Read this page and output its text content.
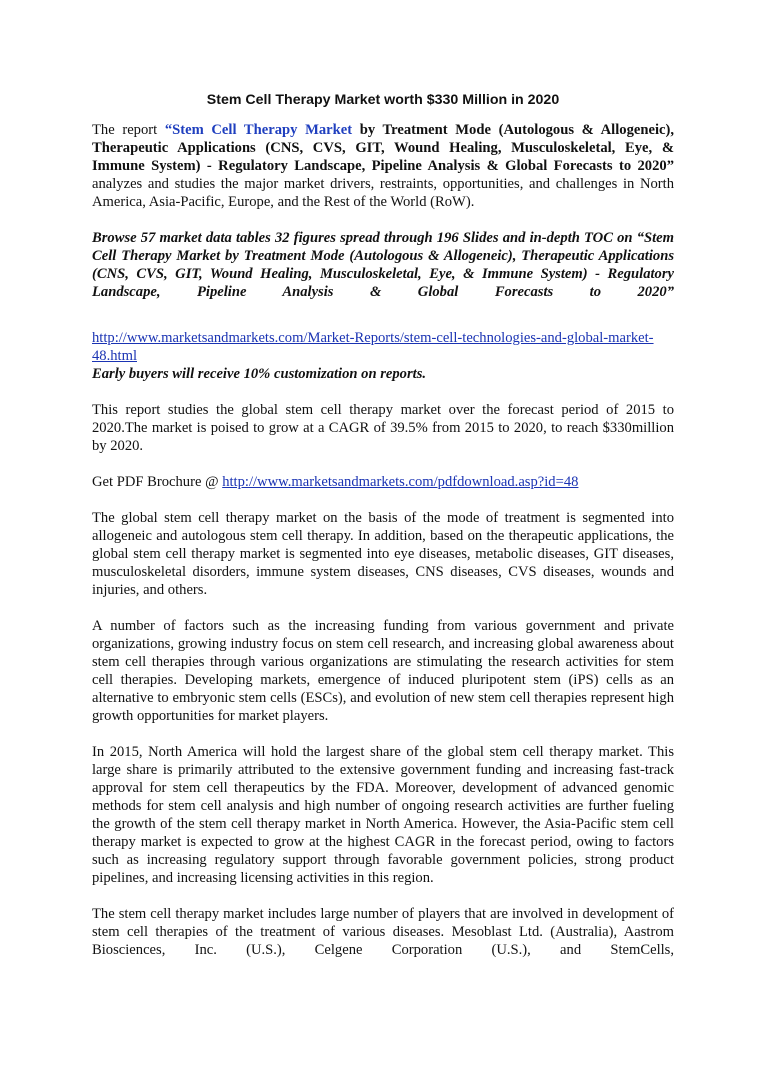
Stem Cell Therapy Market worth $330 Million in 2020

The report “Stem Cell Therapy Market by Treatment Mode (Autologous & Allogeneic), Therapeutic Applications (CNS, CVS, GIT, Wound Healing, Musculoskeletal, Eye, & Immune System) - Regulatory Landscape, Pipeline Analysis & Global Forecasts to 2020” analyzes and studies the major market drivers, restraints, opportunities, and challenges in North America, Asia-Pacific, Europe, and the Rest of the World (RoW).

Browse 57 market data tables 32 figures spread through 196 Slides and in-depth TOC on “Stem Cell Therapy Market by Treatment Mode (Autologous & Allogeneic), Therapeutic Applications (CNS, CVS, GIT, Wound Healing, Musculoskeletal, Eye, & Immune System) - Regulatory Landscape, Pipeline Analysis & Global Forecasts to 2020”

http://www.marketsandmarkets.com/Market-Reports/stem-cell-technologies-and-global-market-48.html

Early buyers will receive 10% customization on reports.

This report studies the global stem cell therapy market over the forecast period of 2015 to 2020.The market is poised to grow at a CAGR of 39.5% from 2015 to 2020, to reach $330million by 2020.

Get PDF Brochure @ http://www.marketsandmarkets.com/pdfdownload.asp?id=48

The global stem cell therapy market on the basis of the mode of treatment is segmented into allogeneic and autologous stem cell therapy. In addition, based on the therapeutic applications, the global stem cell therapy market is segmented into eye diseases, metabolic diseases, GIT diseases, musculoskeletal disorders, immune system diseases, CNS diseases, CVS diseases, wounds and injuries, and others.

A number of factors such as the increasing funding from various government and private organizations, growing industry focus on stem cell research, and increasing global awareness about stem cell therapies through various organizations are stimulating the research activities for stem cell therapies. Developing markets, emergence of induced pluripotent stem (iPS) cells as an alternative to embryonic stem cells (ESCs), and evolution of new stem cell therapies represent high growth opportunities for market players.

In 2015, North America will hold the largest share of the global stem cell therapy market. This large share is primarily attributed to the extensive government funding and increasing fast-track approval for stem cell therapeutics by the FDA. Moreover, development of advanced genomic methods for stem cell analysis and high number of ongoing research activities are further fueling the growth of the stem cell therapy market in North America. However, the Asia-Pacific stem cell therapy market is expected to grow at the highest CAGR in the forecast period, owing to factors such as increasing regulatory support through favorable government policies, strong product pipelines, and increasing licensing activities in this region.

The stem cell therapy market includes large number of players that are involved in development of stem cell therapies of the treatment of various diseases. Mesoblast Ltd. (Australia), Aastrom Biosciences, Inc. (U.S.), Celgene Corporation (U.S.), and StemCells,
